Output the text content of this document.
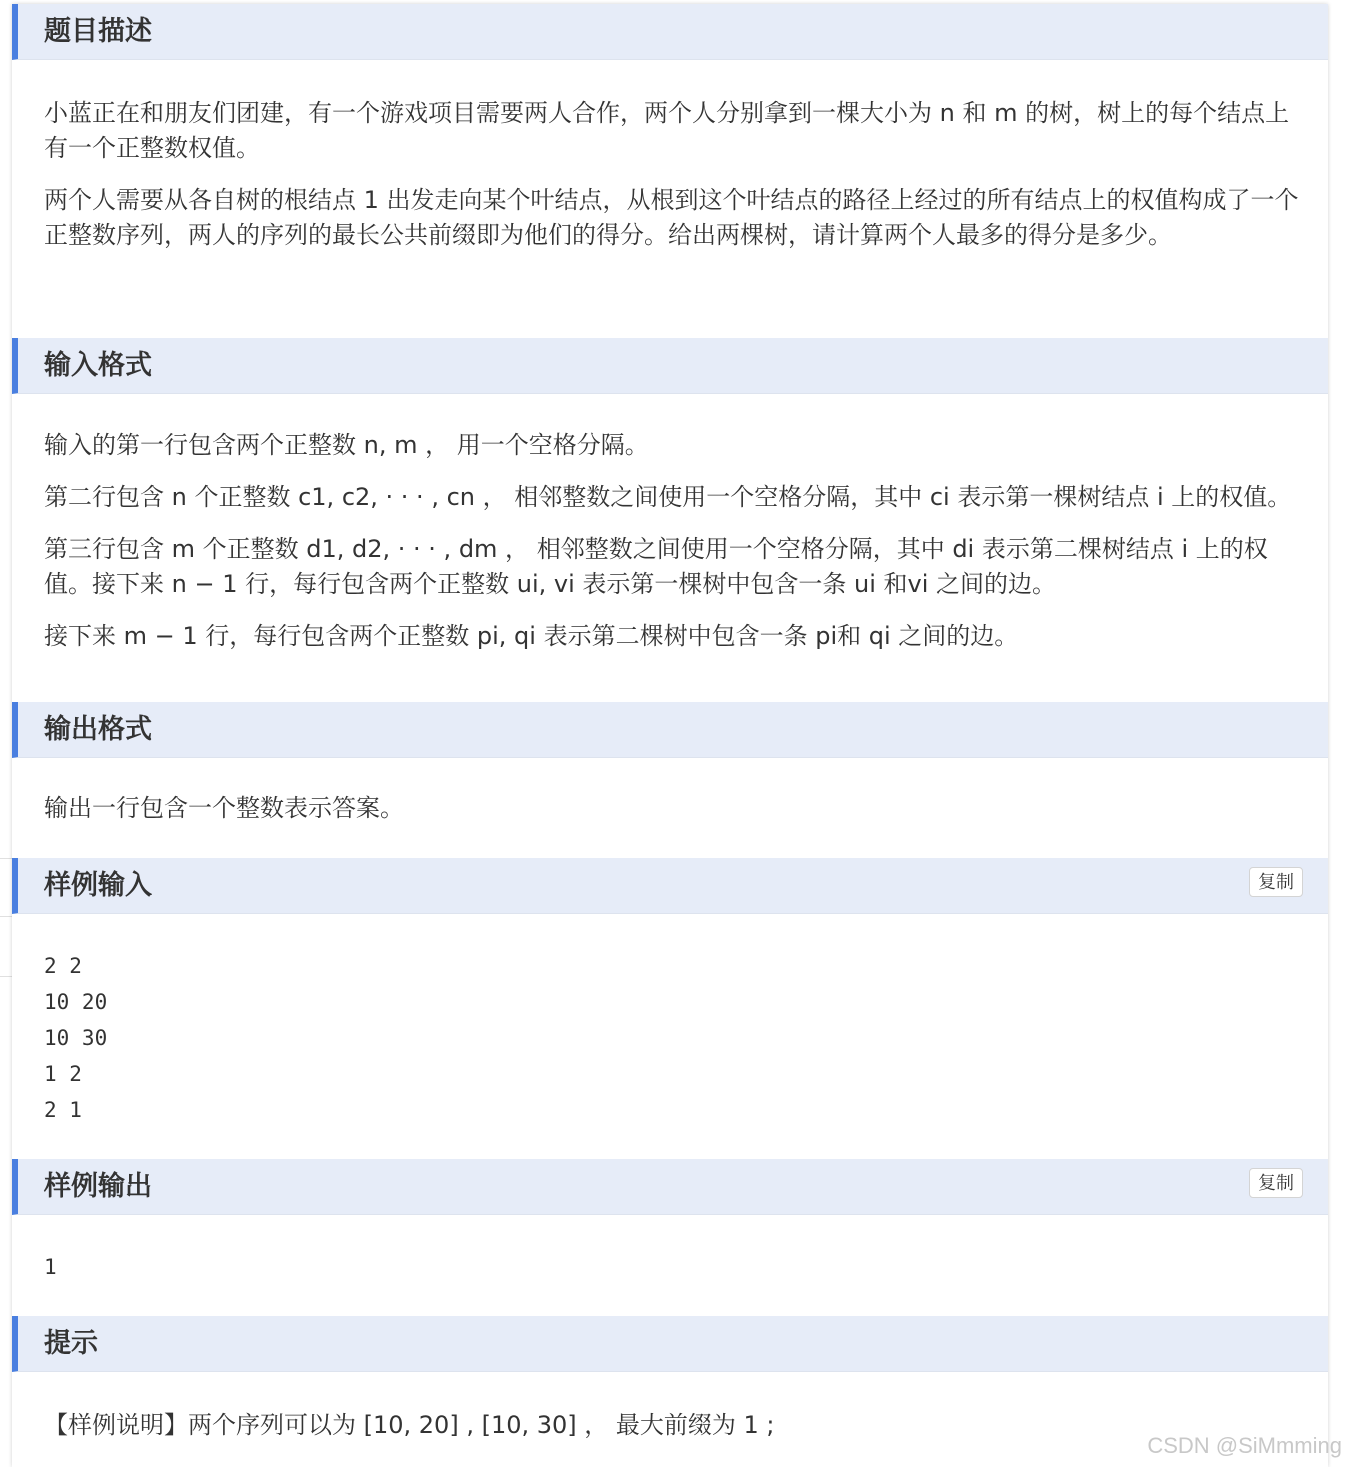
题目描述

小蓝正在和朋友们团建，有一个游戏项目需要两人合作，两个人分别拿到一棵大小为 n 和 m 的树，树上的每个结点上有一个正整数权值。

两个人需要从各自树的根结点 1 出发走向某个叶结点，从根到这个叶结点的路径上经过的所有结点上的权值构成了一个正整数序列，两人的序列的最长公共前缀即为他们的得分。给出两棵树，请计算两个人最多的得分是多少。

输入格式

输入的第一行包含两个正整数 n, m ， 用一个空格分隔。

第二行包含 n 个正整数 c1, c2, · · · , cn ， 相邻整数之间使用一个空格分隔，其中 ci 表示第一棵树结点 i 上的权值。

第三行包含 m 个正整数 d1, d2, · · · , dm ， 相邻整数之间使用一个空格分隔，其中 di 表示第二棵树结点 i 上的权值。接下来 n − 1 行，每行包含两个正整数 ui, vi 表示第一棵树中包含一条 ui 和vi 之间的边。

接下来 m − 1 行，每行包含两个正整数 pi, qi 表示第二棵树中包含一条 pi和 qi 之间的边。

输出格式

输出一行包含一个整数表示答案。

样例输入	复制
2 2
10 20
10 30
1 2
2 1
样例输出	复制
1
提示

【样例说明】两个序列可以为 [10, 20] , [10, 30] ， 最大前缀为 1 ;

CSDN @SiMmming
